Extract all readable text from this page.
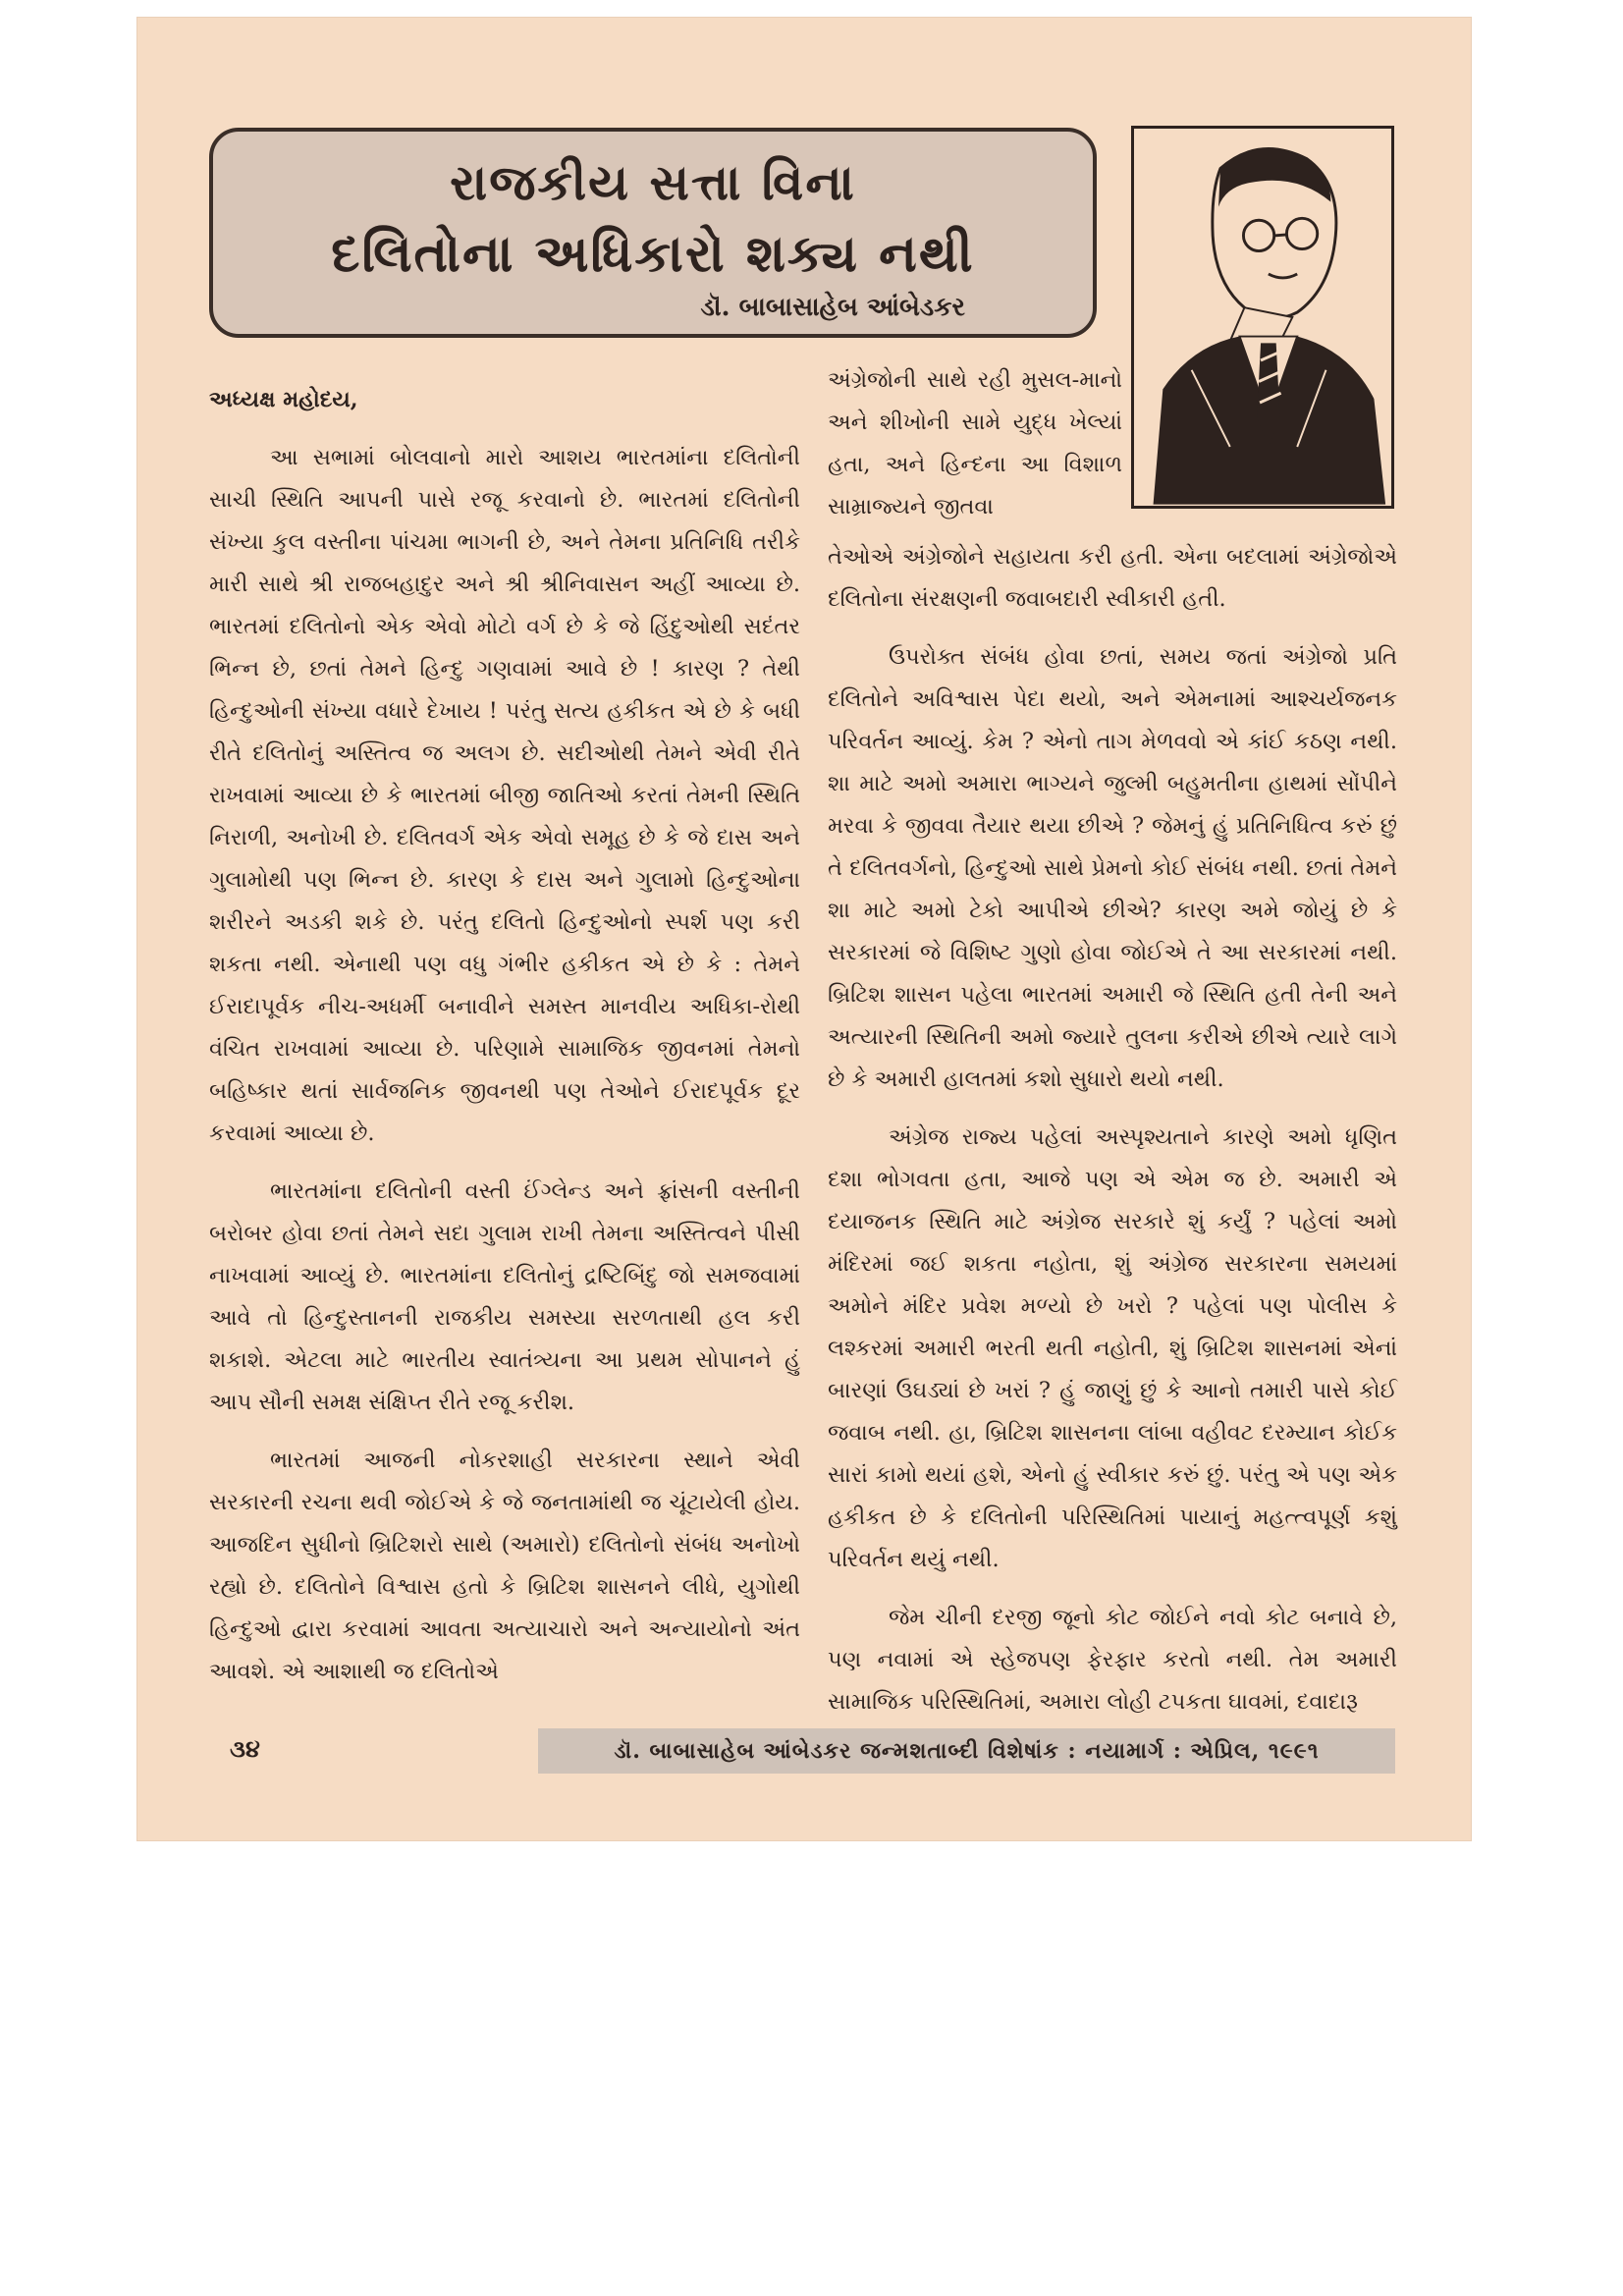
રાજકીય સત્તા વિના
દલિતોના અધિકારો શક્ય નથી
ડૉ. બાબાસાહેબ આંબેડકર

અધ્યક્ષ મહોદય,

આ સભામાં બોલવાનો મારો આશય ભારતમાંના દલિતોની સાચી સ્થિતિ આપની પાસે રજૂ કરવાનો છે. ભારતમાં દલિતોની સંખ્યા કુલ વસ્તીના પાંચમા ભાગની છે, અને તેમના પ્રતિનિધિ તરીકે મારી સાથે શ્રી રાજબહાદુર અને શ્રી શ્રીનિવાસન અહીં આવ્યા છે. ભારતમાં દલિતોનો એક એવો મોટો વર્ગ છે કે જે હિંદુઓથી સદંતર ભિન્ન છે, છતાં તેમને હિન્દુ ગણવામાં આવે છે ! કારણ ? તેથી હિન્દુઓની સંખ્યા વધારે દેખાય ! પરંતુ સત્ય હકીકત એ છે કે બધી રીતે દલિતોનું અસ્તિત્વ જ અલગ છે. સદીઓથી તેમને એવી રીતે રાખવામાં આવ્યા છે કે ભારતમાં બીજી જાતિઓ કરતાં તેમની સ્થિતિ નિરાળી, અનોખી છે. દલિતવર્ગ એક એવો સમૂહ છે કે જે દાસ અને ગુલામોથી પણ ભિન્ન છે. કારણ કે દાસ અને ગુલામો હિન્દુઓના શરીરને અડકી શકે છે. પરંતુ દલિતો હિન્દુઓનો સ્પર્શ પણ કરી શકતા નથી. એનાથી પણ વધુ ગંભીર હકીકત એ છે કે : તેમને ઈરાદાપૂર્વક નીચ-અધર્મી બનાવીને સમસ્ત માનવીય અધિકા-રોથી વંચિત રાખવામાં આવ્યા છે. પરિણામે સામાજિક જીવનમાં તેમનો બહિષ્કાર થતાં સાર્વજનિક જીવનથી પણ તેઓને ઈરાદપૂર્વક દૂર કરવામાં આવ્યા છે.

ભારતમાંના દલિતોની વસ્તી ઈંગ્લેન્ડ અને ફ્રાંસની વસ્તીની બરોબર હોવા છતાં તેમને સદા ગુલામ રાખી તેમના અસ્તિત્વને પીસી નાખવામાં આવ્યું છે. ભારતમાંના દલિતોનું દ્રષ્ટિબિંદુ જો સમજવામાં આવે તો હિન્દુસ્તાનની રાજકીય સમસ્યા સરળતાથી હલ કરી શકાશે. એટલા માટે ભારતીય સ્વાતંત્ર્યના આ પ્રથમ સોપાનને હું આપ સૌની સમક્ષ સંક્ષિપ્ત રીતે રજૂ કરીશ.

ભારતમાં આજની નોકરશાહી સરકારના સ્થાને એવી સરકારની રચના થવી જોઈએ કે જે જનતામાંથી જ ચૂંટાયેલી હોય. આજદિન સુધીનો બ્રિટિશરો સાથે (અમારો) દલિતોનો સંબંધ અનોખો રહ્યો છે. દલિતોને વિશ્વાસ હતો કે બ્રિટિશ શાસનને લીધે, યુગોથી હિન્દુઓ દ્વારા કરવામાં આવતા અત્યાચારો અને અન્યાયોનો અંત આવશે. એ આશાથી જ દલિતોએ

અંગ્રેજોની સાથે રહી મુસલ-માનો અને શીખોની સામે યુદ્ધ ખેલ્યાં હતા, અને હિન્દના આ વિશાળ સામ્રાજ્યને જીતવા

તેઓએ અંગ્રેજોને સહાયતા કરી હતી. એના બદલામાં અંગ્રેજોએ દલિતોના સંરક્ષણની જવાબદારી સ્વીકારી હતી.

ઉપરોક્ત સંબંધ હોવા છતાં, સમય જતાં અંગ્રેજો પ્રતિ દલિતોને અવિશ્વાસ પેદા થયો, અને એમનામાં આશ્ચર્યજનક પરિવર્તન આવ્યું. કેમ ? એનો તાગ મેળવવો એ કાંઈ કઠણ નથી. શા માટે અમો અમારા ભાગ્યને જુલ્મી બહુમતીના હાથમાં સોંપીને મરવા કે જીવવા તૈયાર થયા છીએ ? જેમનું હું પ્રતિનિધિત્વ કરું છું તે દલિતવર્ગનો, હિન્દુઓ સાથે પ્રેમનો કોઈ સંબંધ નથી. છતાં તેમને શા માટે અમો ટેકો આપીએ છીએ? કારણ અમે જોયું છે કે સરકારમાં જે વિશિષ્ટ ગુણો હોવા જોઈએ તે આ સરકારમાં નથી. બ્રિટિશ શાસન પહેલા ભારતમાં અમારી જે સ્થિતિ હતી તેની અને અત્યારની સ્થિતિની અમો જ્યારે તુલના કરીએ છીએ ત્યારે લાગે છે કે અમારી હાલતમાં કશો સુધારો થયો નથી.

અંગ્રેજ રાજ્ય પહેલાં અસ્પૃશ્યતાને કારણે અમો ધૃણિત દશા ભોગવતા હતા, આજે પણ એ એમ જ છે. અમારી એ દયાજનક સ્થિતિ માટે અંગ્રેજ સરકારે શું કર્યું ? પહેલાં અમો મંદિરમાં જઈ શકતા નહોતા, શું અંગ્રેજ સરકારના સમયમાં અમોને મંદિર પ્રવેશ મળ્યો છે ખરો ? પહેલાં પણ પોલીસ કે લશ્કરમાં અમારી ભરતી થતી નહોતી, શું બ્રિટિશ શાસનમાં એનાં બારણાં ઉઘડ્યાં છે ખરાં ? હું જાણું છું કે આનો તમારી પાસે કોઈ જવાબ નથી. હા, બ્રિટિશ શાસનના લાંબા વહીવટ દરમ્યાન કોઈક સારાં કામો થયાં હશે, એનો હું સ્વીકાર કરું છું. પરંતુ એ પણ એક હકીકત છે કે દલિતોની પરિસ્થિતિમાં પાયાનું મહત્ત્વપૂર્ણ કશું પરિવર્તન થયું નથી.

જેમ ચીની દરજી જૂનો કોટ જોઈને નવો કોટ બનાવે છે, પણ નવામાં એ સ્હેજપણ ફેરફાર કરતો નથી. તેમ અમારી સામાજિક પરિસ્થિતિમાં, અમારા લોહી ટપકતા ઘાવમાં, દવાદારૂ

૩૪	ડૉ. બાબાસાહેબ આંબેડકર જન્મશતાબ્દી વિશેષાંક : નયામાર્ગ : એપ્રિલ, ૧૯૯૧
